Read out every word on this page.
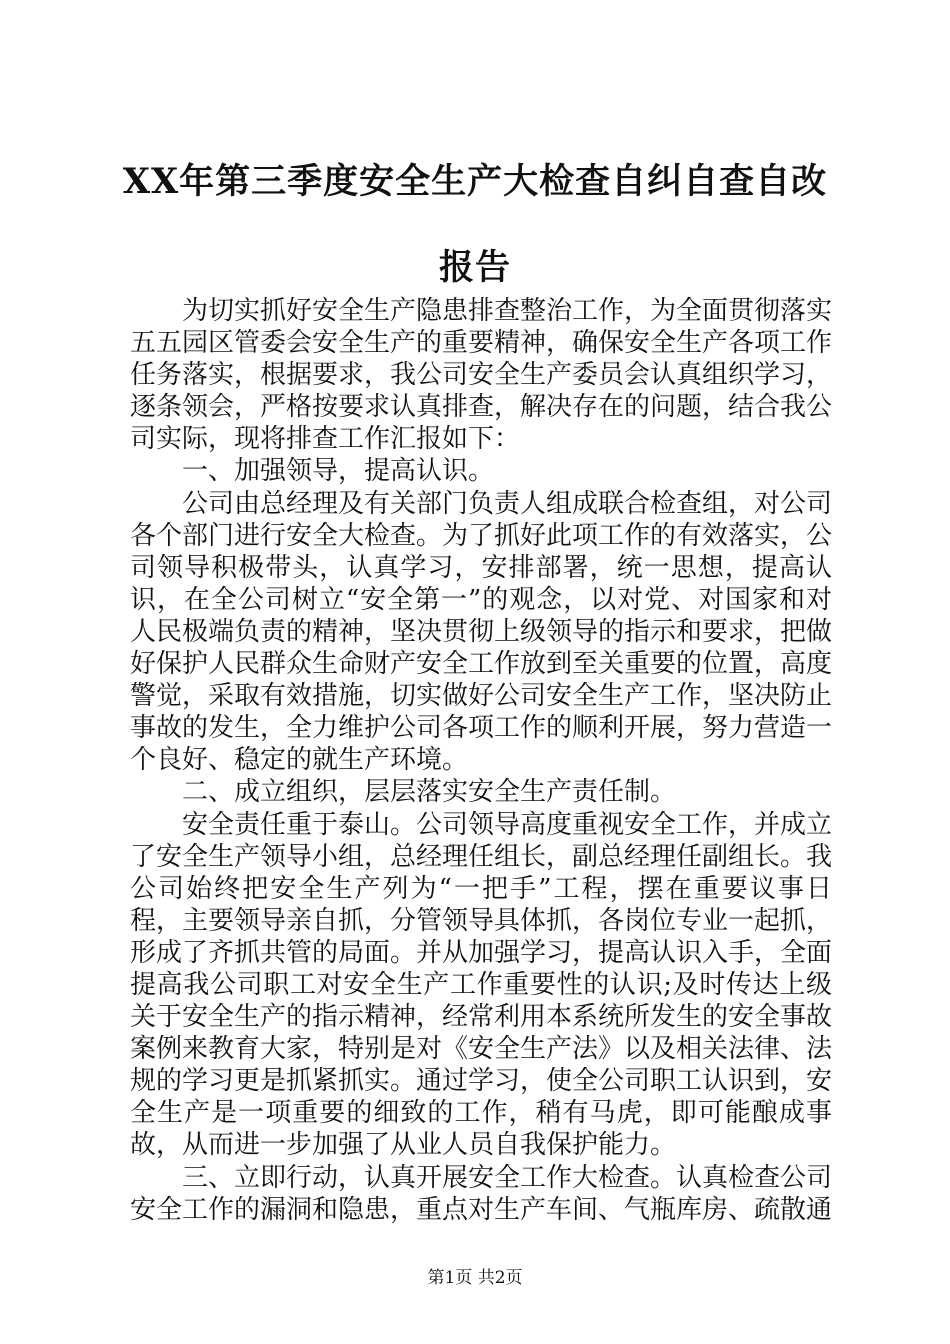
XX年第三季度安全生产大检查自纠自查自改
报告

为切实抓好安全生产隐患排查整治工作，为全面贯彻落实五五园区管委会安全生产的重要精神，确保安全生产各项工作任务落实，根据要求，我公司安全生产委员会认真组织学习，逐条领会，严格按要求认真排查，解决存在的问题，结合我公司实际，现将排查工作汇报如下：

一、加强领导，提高认识。

公司由总经理及有关部门负责人组成联合检查组，对公司各个部门进行安全大检查。为了抓好此项工作的有效落实，公司领导积极带头，认真学习，安排部署，统一思想，提高认识，在全公司树立“安全第一”的观念，以对党、对国家和对人民极端负责的精神，坚决贯彻上级领导的指示和要求，把做好保护人民群众生命财产安全工作放到至关重要的位置，高度警觉，采取有效措施，切实做好公司安全生产工作，坚决防止事故的发生，全力维护公司各项工作的顺利开展，努力营造一个良好、稳定的就生产环境。

二、成立组织，层层落实安全生产责任制。

安全责任重于泰山。公司领导高度重视安全工作，并成立了安全生产领导小组，总经理任组长，副总经理任副组长。我公司始终把安全生产列为“一把手”工程，摆在重要议事日程，主要领导亲自抓，分管领导具体抓，各岗位专业一起抓，形成了齐抓共管的局面。并从加强学习，提高认识入手，全面提高我公司职工对安全生产工作重要性的认识;及时传达上级关于安全生产的指示精神，经常利用本系统所发生的安全事故案例来教育大家，特别是对《安全生产法》以及相关法律、法规的学习更是抓紧抓实。通过学习，使全公司职工认识到，安全生产是一项重要的细致的工作，稍有马虎，即可能酿成事故，从而进一步加强了从业人员自我保护能力。

三、立即行动，认真开展安全工作大检查。认真检查公司安全工作的漏洞和隐患，重点对生产车间、气瓶库房、疏散通

第1页 共2页
